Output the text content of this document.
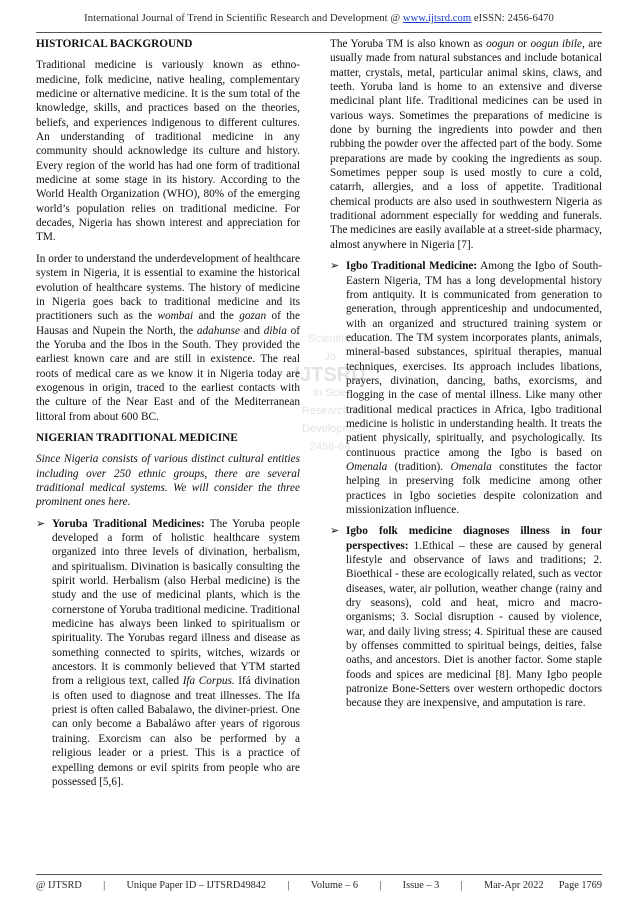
International Journal of Trend in Scientific Research and Development @ www.ijtsrd.com eISSN: 2456-6470
Scientific
Jo
IJTSRD
in Scie
Research a
Developme
2456-64

HISTORICAL BACKGROUND

Traditional medicine is variously known as ethno-medicine, folk medicine, native healing, complementary medicine or alternative medicine. It is the sum total of the knowledge, skills, and practices based on the theories, beliefs, and experiences indigenous to different cultures. An understanding of traditional medicine in any community should acknowledge its culture and history. Every region of the world has had one form of traditional medicine at some stage in its history. According to the World Health Organization (WHO), 80% of the emerging world’s population relies on traditional medicine. For decades, Nigeria has shown interest and appreciation for TM.

In order to understand the underdevelopment of healthcare system in Nigeria, it is essential to examine the historical evolution of healthcare systems. The history of medicine in Nigeria goes back to traditional medicine and its practitioners such as the wombai and the gozan of the Hausas and Nupein the North, the adahunse and dibia of the Yoruba and the Ibos in the South. They provided the earliest known care and are still in existence. The real roots of medical care as we know it in Nigeria today are exogenous in origin, traced to the earliest contacts with the culture of the Near East and of the Mediterranean littoral from about 600 BC.

NIGERIAN TRADITIONAL MEDICINE

Since Nigeria consists of various distinct cultural entities including over 250 ethnic groups, there are several traditional medical systems. We will consider the three prominent ones here.

➢ Yoruba Traditional Medicines: The Yoruba people developed a form of holistic healthcare system organized into three levels of divination, herbalism, and spiritualism. Divination is basically consulting the spirit world. Herbalism (also Herbal medicine) is the study and the use of medicinal plants, which is the cornerstone of Yoruba traditional medicine. Traditional medicine has always been linked to spiritualism or spirituality. The Yorubas regard illness and disease as something connected to spirits, witches, wizards or ancestors. It is commonly believed that YTM started from a religious text, called Ifa Corpus. Ifá divination is often used to diagnose and treat illnesses. The Ifa priest is often called Babalawo, the diviner-priest. One can only become a Babaláwo after years of rigorous training. Exorcism can also be performed by a religious leader or a priest. This is a practice of expelling demons or evil spirits from people who are possessed [5,6].

The Yoruba TM is also known as oogun or oogun ibile, are usually made from natural substances and include botanical matter, crystals, metal, particular animal skins, claws, and teeth. Yoruba land is home to an extensive and diverse medicinal plant life. Traditional medicines can be used in various ways. Sometimes the preparations of medicine is done by burning the ingredients into powder and then rubbing the powder over the affected part of the body. Some preparations are made by cooking the ingredients as soup. Sometimes pepper soup is used mostly to cure a cold, catarrh, allergies, and a loss of appetite. Traditional chemical products are also used in southwestern Nigeria as traditional adornment especially for wedding and funerals. The medicines are easily available at a street-side pharmacy, almost anywhere in Nigeria [7].

➢ Igbo Traditional Medicine: Among the Igbo of South-Eastern Nigeria, TM has a long developmental history from antiquity. It is communicated from generation to generation, through apprenticeship and undocumented, with an organized and structured training system or education. The TM system incorporates plants, animals, mineral-based substances, spiritual therapies, manual techniques, exercises. Its approach includes libations, prayers, divination, dancing, baths, exorcisms, and flogging in the case of mental illness. Like many other traditional medical practices in Africa, Igbo traditional medicine is holistic in understanding health. It treats the patient physically, spiritually, and psychologically. Its continuous practice among the Igbo is based on Omenala (tradition). Omenala constitutes the factor helping in preserving folk medicine among other practices in Igbo societies despite colonization and missionization influence.
➢ Igbo folk medicine diagnoses illness in four perspectives: 1.Ethical – these are caused by general lifestyle and observance of laws and traditions; 2. Bioethical - these are ecologically related, such as vector diseases, water, air pollution, weather change (rainy and dry seasons), cold and heat, micro and macro-organisms; 3. Social disruption - caused by violence, war, and daily living stress; 4. Spiritual these are caused by offenses committed to spiritual beings, deities, false oaths, and ancestors. Diet is another factor. Some staple foods and spices are medicinal [8]. Many Igbo people patronize Bone-Setters over western orthopedic doctors because they are inexpensive, and amputation is rare.
@ IJTSRD | Unique Paper ID – IJTSRD49842 | Volume – 6 | Issue – 3 | Mar-Apr 2022 Page 1769
